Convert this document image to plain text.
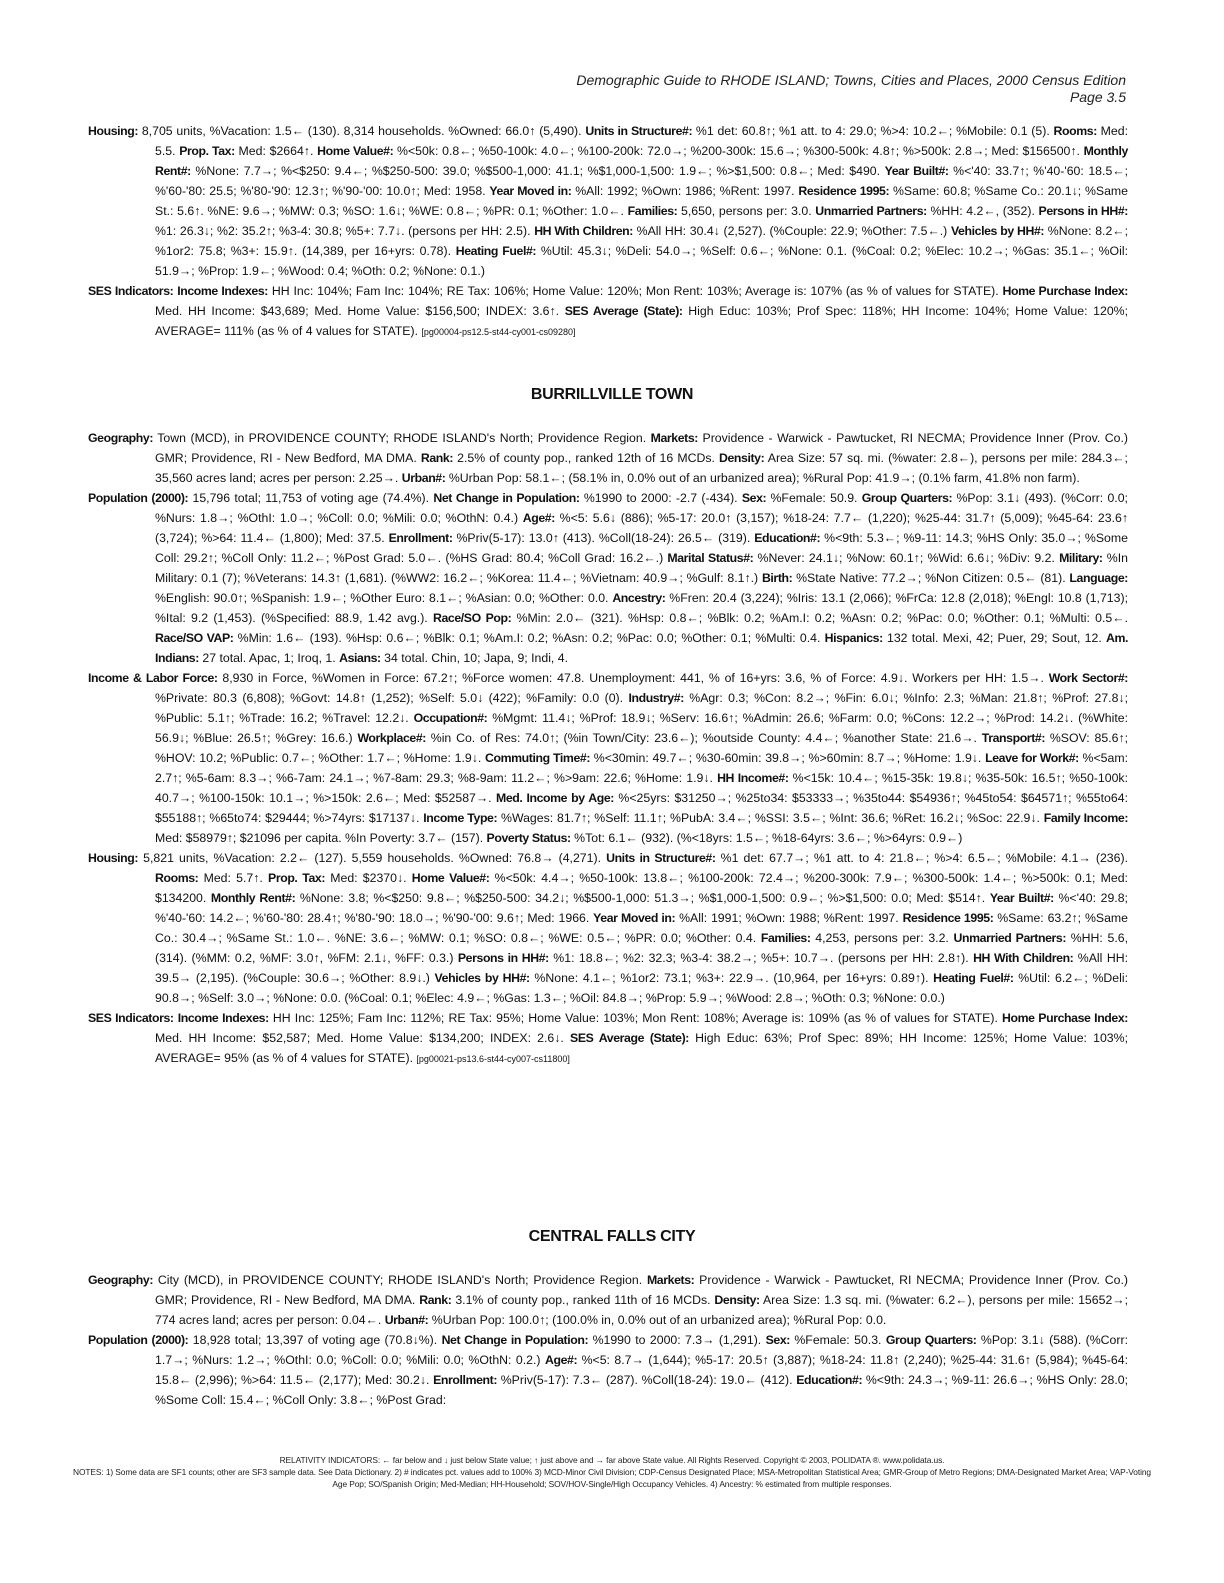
Demographic Guide to RHODE ISLAND; Towns, Cities and Places, 2000 Census Edition
Page 3.5

Housing: 8,705 units, %Vacation: 1.5← (130). 8,314 households. %Owned: 66.0↑ (5,490). Units in Structure#: %1 det: 60.8↑; %1 att. to 4: 29.0; %>4: 10.2←; %Mobile: 0.1 (5). Rooms: Med: 5.5. Prop. Tax: Med: $2664↑. Home Value#: %<50k: 0.8←; %50-100k: 4.0←; %100-200k: 72.0→; %200-300k: 15.6→; %300-500k: 4.8↑; %>500k: 2.8→; Med: $156500↑. Monthly Rent#: %None: 7.7→; %<$250: 9.4←; %$250-500: 39.0; %$500-1,000: 41.1; %$1,000-1,500: 1.9←; %>$1,500: 0.8←; Med: $490. Year Built#: %<'40: 33.7↑; %'40-'60: 18.5←; %'60-'80: 25.5; %'80-'90: 12.3↑; %'90-'00: 10.0↑; Med: 1958. Year Moved in: %All: 1992; %Own: 1986; %Rent: 1997. Residence 1995: %Same: 60.8; %Same Co.: 20.1↓; %Same St.: 5.6↑. %NE: 9.6→; %MW: 0.3; %SO: 1.6↓; %WE: 0.8←; %PR: 0.1; %Other: 1.0←. Families: 5,650, persons per: 3.0. Unmarried Partners: %HH: 4.2←, (352). Persons in HH#: %1: 26.3↓; %2: 35.2↑; %3-4: 30.8; %5+: 7.7↓. (persons per HH: 2.5). HH With Children: %All HH: 30.4↓ (2,527). (%Couple: 22.9; %Other: 7.5←.) Vehicles by HH#: %None: 8.2←; %1or2: 75.8; %3+: 15.9↑. (14,389, per 16+yrs: 0.78). Heating Fuel#: %Util: 45.3↓; %Deli: 54.0→; %Self: 0.6←; %None: 0.1. (%Coal: 0.2; %Elec: 10.2→; %Gas: 35.1←; %Oil: 51.9→; %Prop: 1.9←; %Wood: 0.4; %Oth: 0.2; %None: 0.1.)

SES Indicators: Income Indexes: HH Inc: 104%; Fam Inc: 104%; RE Tax: 106%; Home Value: 120%; Mon Rent: 103%; Average is: 107% (as % of values for STATE). Home Purchase Index: Med. HH Income: $43,689; Med. Home Value: $156,500; INDEX: 3.6↑. SES Average (State): High Educ: 103%; Prof Spec: 118%; HH Income: 104%; Home Value: 120%; AVERAGE= 111% (as % of 4 values for STATE). [pg00004-ps12.5-st44-cy001-cs09280]

BURRILLVILLE TOWN

Geography: Town (MCD), in PROVIDENCE COUNTY; RHODE ISLAND's North; Providence Region. Markets: Providence - Warwick - Pawtucket, RI NECMA; Providence Inner (Prov. Co.) GMR; Providence, RI - New Bedford, MA DMA. Rank: 2.5% of county pop., ranked 12th of 16 MCDs. Density: Area Size: 57 sq. mi. (%water: 2.8←), persons per mile: 284.3←; 35,560 acres land; acres per person: 2.25→. Urban#: %Urban Pop: 58.1←; (58.1% in, 0.0% out of an urbanized area); %Rural Pop: 41.9→; (0.1% farm, 41.8% non farm).

Population (2000): 15,796 total; 11,753 of voting age (74.4%). Net Change in Population: %1990 to 2000: -2.7 (-434). Sex: %Female: 50.9. Group Quarters: %Pop: 3.1↓ (493). (%Corr: 0.0; %Nurs: 1.8→; %OthI: 1.0→; %Coll: 0.0; %Mili: 0.0; %OthN: 0.4.) Age#: %<5: 5.6↓ (886); %5-17: 20.0↑ (3,157); %18-24: 7.7← (1,220); %25-44: 31.7↑ (5,009); %45-64: 23.6↑ (3,724); %>64: 11.4← (1,800); Med: 37.5. Enrollment: %Priv(5-17): 13.0↑ (413). %Coll(18-24): 26.5← (319). Education#: %<9th: 5.3←; %9-11: 14.3; %HS Only: 35.0→; %Some Coll: 29.2↑; %Coll Only: 11.2←; %Post Grad: 5.0←. (%HS Grad: 80.4; %Coll Grad: 16.2←.) Marital Status#: %Never: 24.1↓; %Now: 60.1↑; %Wid: 6.6↓; %Div: 9.2. Military: %In Military: 0.1 (7); %Veterans: 14.3↑ (1,681). (%WW2: 16.2←; %Korea: 11.4←; %Vietnam: 40.9→; %Gulf: 8.1↑.) Birth: %State Native: 77.2→; %Non Citizen: 0.5← (81). Language: %English: 90.0↑; %Spanish: 1.9←; %Other Euro: 8.1←; %Asian: 0.0; %Other: 0.0. Ancestry: %Fren: 20.4 (3,224); %Iris: 13.1 (2,066); %FrCa: 12.8 (2,018); %Engl: 10.8 (1,713); %Ital: 9.2 (1,453). (%Specified: 88.9, 1.42 avg.). Race/SO Pop: %Min: 2.0← (321). %Hsp: 0.8←; %Blk: 0.2; %Am.I: 0.2; %Asn: 0.2; %Pac: 0.0; %Other: 0.1; %Multi: 0.5←. Race/SO VAP: %Min: 1.6← (193). %Hsp: 0.6←; %Blk: 0.1; %Am.I: 0.2; %Asn: 0.2; %Pac: 0.0; %Other: 0.1; %Multi: 0.4. Hispanics: 132 total. Mexi, 42; Puer, 29; Sout, 12. Am. Indians: 27 total. Apac, 1; Iroq, 1. Asians: 34 total. Chin, 10; Japa, 9; Indi, 4.

Income & Labor Force: 8,930 in Force, %Women in Force: 67.2↑; %Force women: 47.8. Unemployment: 441, % of 16+yrs: 3.6, % of Force: 4.9↓. Workers per HH: 1.5→. Work Sector#: %Private: 80.3 (6,808); %Govt: 14.8↑ (1,252); %Self: 5.0↓ (422); %Family: 0.0 (0). Industry#: %Agr: 0.3; %Con: 8.2→; %Fin: 6.0↓; %Info: 2.3; %Man: 21.8↑; %Prof: 27.8↓; %Public: 5.1↑; %Trade: 16.2; %Travel: 12.2↓. Occupation#: %Mgmt: 11.4↓; %Prof: 18.9↓; %Serv: 16.6↑; %Admin: 26.6; %Farm: 0.0; %Cons: 12.2→; %Prod: 14.2↓. (%White: 56.9↓; %Blue: 26.5↑; %Grey: 16.6.) Workplace#: %in Co. of Res: 74.0↑; (%in Town/City: 23.6←); %outside County: 4.4←; %another State: 21.6→. Transport#: %SOV: 85.6↑; %HOV: 10.2; %Public: 0.7←; %Other: 1.7←; %Home: 1.9↓. Commuting Time#: %<30min: 49.7←; %30-60min: 39.8→; %>60min: 8.7→; %Home: 1.9↓. Leave for Work#: %<5am: 2.7↑; %5-6am: 8.3→; %6-7am: 24.1→; %7-8am: 29.3; %8-9am: 11.2←; %>9am: 22.6; %Home: 1.9↓. HH Income#: %<15k: 10.4←; %15-35k: 19.8↓; %35-50k: 16.5↑; %50-100k: 40.7→; %100-150k: 10.1→; %>150k: 2.6←; Med: $52587→. Med. Income by Age: %<25yrs: $31250→; %25to34: $53333→; %35to44: $54936↑; %45to54: $64571↑; %55to64: $55188↑; %65to74: $29444; %>74yrs: $17137↓. Income Type: %Wages: 81.7↑; %Self: 11.1↑; %PubA: 3.4←; %SSI: 3.5←; %Int: 36.6; %Ret: 16.2↓; %Soc: 22.9↓. Family Income: Med: $58979↑; $21096 per capita. %In Poverty: 3.7← (157). Poverty Status: %Tot: 6.1← (932). (%<18yrs: 1.5←; %18-64yrs: 3.6←; %>64yrs: 0.9←)

Housing: 5,821 units, %Vacation: 2.2← (127). 5,559 households. %Owned: 76.8→ (4,271). Units in Structure#: %1 det: 67.7→; %1 att. to 4: 21.8←; %>4: 6.5←; %Mobile: 4.1→ (236). Rooms: Med: 5.7↑. Prop. Tax: Med: $2370↓. Home Value#: %<50k: 4.4→; %50-100k: 13.8←; %100-200k: 72.4→; %200-300k: 7.9←; %300-500k: 1.4←; %>500k: 0.1; Med: $134200. Monthly Rent#: %None: 3.8; %<$250: 9.8←; %$250-500: 34.2↓; %$500-1,000: 51.3→; %$1,000-1,500: 0.9←; %>$1,500: 0.0; Med: $514↑. Year Built#: %<'40: 29.8; %'40-'60: 14.2←; %'60-'80: 28.4↑; %'80-'90: 18.0→; %'90-'00: 9.6↑; Med: 1966. Year Moved in: %All: 1991; %Own: 1988; %Rent: 1997. Residence 1995: %Same: 63.2↑; %Same Co.: 30.4→; %Same St.: 1.0←. %NE: 3.6←; %MW: 0.1; %SO: 0.8←; %WE: 0.5←; %PR: 0.0; %Other: 0.4. Families: 4,253, persons per: 3.2. Unmarried Partners: %HH: 5.6, (314). (%MM: 0.2, %MF: 3.0↑, %FM: 2.1↓, %FF: 0.3.) Persons in HH#: %1: 18.8←; %2: 32.3; %3-4: 38.2→; %5+: 10.7→. (persons per HH: 2.8↑). HH With Children: %All HH: 39.5→ (2,195). (%Couple: 30.6→; %Other: 8.9↓.) Vehicles by HH#: %None: 4.1←; %1or2: 73.1; %3+: 22.9→. (10,964, per 16+yrs: 0.89↑). Heating Fuel#: %Util: 6.2←; %Deli: 90.8→; %Self: 3.0→; %None: 0.0. (%Coal: 0.1; %Elec: 4.9←; %Gas: 1.3←; %Oil: 84.8→; %Prop: 5.9→; %Wood: 2.8→; %Oth: 0.3; %None: 0.0.)

SES Indicators: Income Indexes: HH Inc: 125%; Fam Inc: 112%; RE Tax: 95%; Home Value: 103%; Mon Rent: 108%; Average is: 109% (as % of values for STATE). Home Purchase Index: Med. HH Income: $52,587; Med. Home Value: $134,200; INDEX: 2.6↓. SES Average (State): High Educ: 63%; Prof Spec: 89%; HH Income: 125%; Home Value: 103%; AVERAGE= 95% (as % of 4 values for STATE). [pg00021-ps13.6-st44-cy007-cs11800]

CENTRAL FALLS CITY

Geography: City (MCD), in PROVIDENCE COUNTY; RHODE ISLAND's North; Providence Region. Markets: Providence - Warwick - Pawtucket, RI NECMA; Providence Inner (Prov. Co.) GMR; Providence, RI - New Bedford, MA DMA. Rank: 3.1% of county pop., ranked 11th of 16 MCDs. Density: Area Size: 1.3 sq. mi. (%water: 6.2←), persons per mile: 15652→; 774 acres land; acres per person: 0.04←. Urban#: %Urban Pop: 100.0↑; (100.0% in, 0.0% out of an urbanized area); %Rural Pop: 0.0.

Population (2000): 18,928 total; 13,397 of voting age (70.8↓%). Net Change in Population: %1990 to 2000: 7.3→ (1,291). Sex: %Female: 50.3. Group Quarters: %Pop: 3.1↓ (588). (%Corr: 1.7→; %Nurs: 1.2→; %OthI: 0.0; %Coll: 0.0; %Mili: 0.0; %OthN: 0.2.) Age#: %<5: 8.7→ (1,644); %5-17: 20.5↑ (3,887); %18-24: 11.8↑ (2,240); %25-44: 31.6↑ (5,984); %45-64: 15.8← (2,996); %>64: 11.5← (2,177); Med: 30.2↓. Enrollment: %Priv(5-17): 7.3← (287). %Coll(18-24): 19.0← (412). Education#: %<9th: 24.3→; %9-11: 26.6→; %HS Only: 28.0; %Some Coll: 15.4←; %Coll Only: 3.8←; %Post Grad:

RELATIVITY INDICATORS: ← far below and ↓ just below State value; ↑ just above and → far above State value. All Rights Reserved. Copyright © 2003, POLIDATA ®. www.polidata.us.
NOTES: 1) Some data are SF1 counts; other are SF3 sample data. See Data Dictionary. 2) # indicates pct. values add to 100% 3) MCD-Minor Civil Division; CDP-Census Designated Place; MSA-Metropolitan Statistical Area; GMR-Group of Metro Regions; DMA-Designated Market Area; VAP-Voting Age Pop; SO/Spanish Origin; Med-Median; HH-Household; SOV/HOV-Single/High Occupancy Vehicles. 4) Ancestry: % estimated from multiple responses.
